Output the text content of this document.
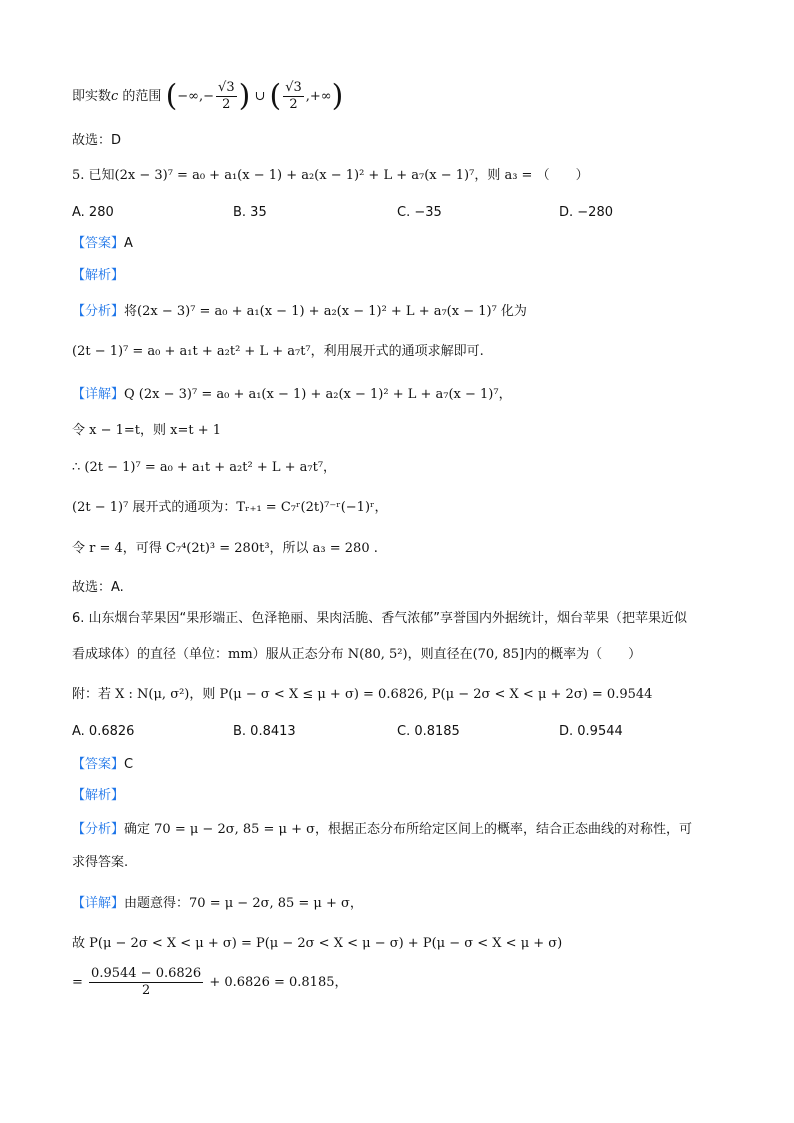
即实数c 的范围 (−∞,− $\frac{√3}{2}$ ) ∪ ( $\frac{√3}{2}$ ,+∞)
故选：D
5. 已知(2x − 3)⁷ = a₀ + a₁(x − 1) + a₂(x − 1)² + L + a₇(x − 1)⁷，则 a₃ = （　　）
A. 280	B. 35	C. −35	D. −280
【答案】A
【解析】
【分析】将(2x − 3)⁷ = a₀ + a₁(x − 1) + a₂(x − 1)² + L + a₇(x − 1)⁷ 化为
(2t − 1)⁷ = a₀ + a₁t + a₂t² + L + a₇t⁷，利用展开式的通项求解即可.
【详解】Q (2x − 3)⁷ = a₀ + a₁(x − 1) + a₂(x − 1)² + L + a₇(x − 1)⁷，
令 x − 1=t，则 x=t + 1
∴ (2t − 1)⁷ = a₀ + a₁t + a₂t² + L + a₇t⁷，
(2t − 1)⁷ 展开式的通项为：Tᵣ₊₁ = C₇ʳ(2t)⁷⁻ʳ(−1)ʳ，
令 r = 4，可得 C₇⁴(2t)³ = 280t³，所以 a₃ = 280 .
故选：A.
6. 山东烟台苹果因“果形端正、色泽艳丽、果肉活脆、香气浓郁”享誉国内外据统计，烟台苹果（把苹果近似
看成球体）的直径（单位：mm）服从正态分布 N(80, 5²)，则直径在(70, 85]内的概率为（　　）
附：若 X : N(μ, σ²)，则 P(μ − σ < X ≤ μ + σ) = 0.6826, P(μ − 2σ < X < μ + 2σ) = 0.9544
A. 0.6826	B. 0.8413	C. 0.8185	D. 0.9544
【答案】C
【解析】
【分析】确定 70 = μ − 2σ, 85 = μ + σ，根据正态分布所给定区间上的概率，结合正态曲线的对称性，可
求得答案.
【详解】由题意得：70 = μ − 2σ, 85 = μ + σ，
故 P(μ − 2σ < X < μ + σ) = P(μ − 2σ < X < μ − σ) + P(μ − σ < X < μ + σ)
= $\frac{0.9544 - 0.6826}{2} + 0.6826 = 0.8185$，
